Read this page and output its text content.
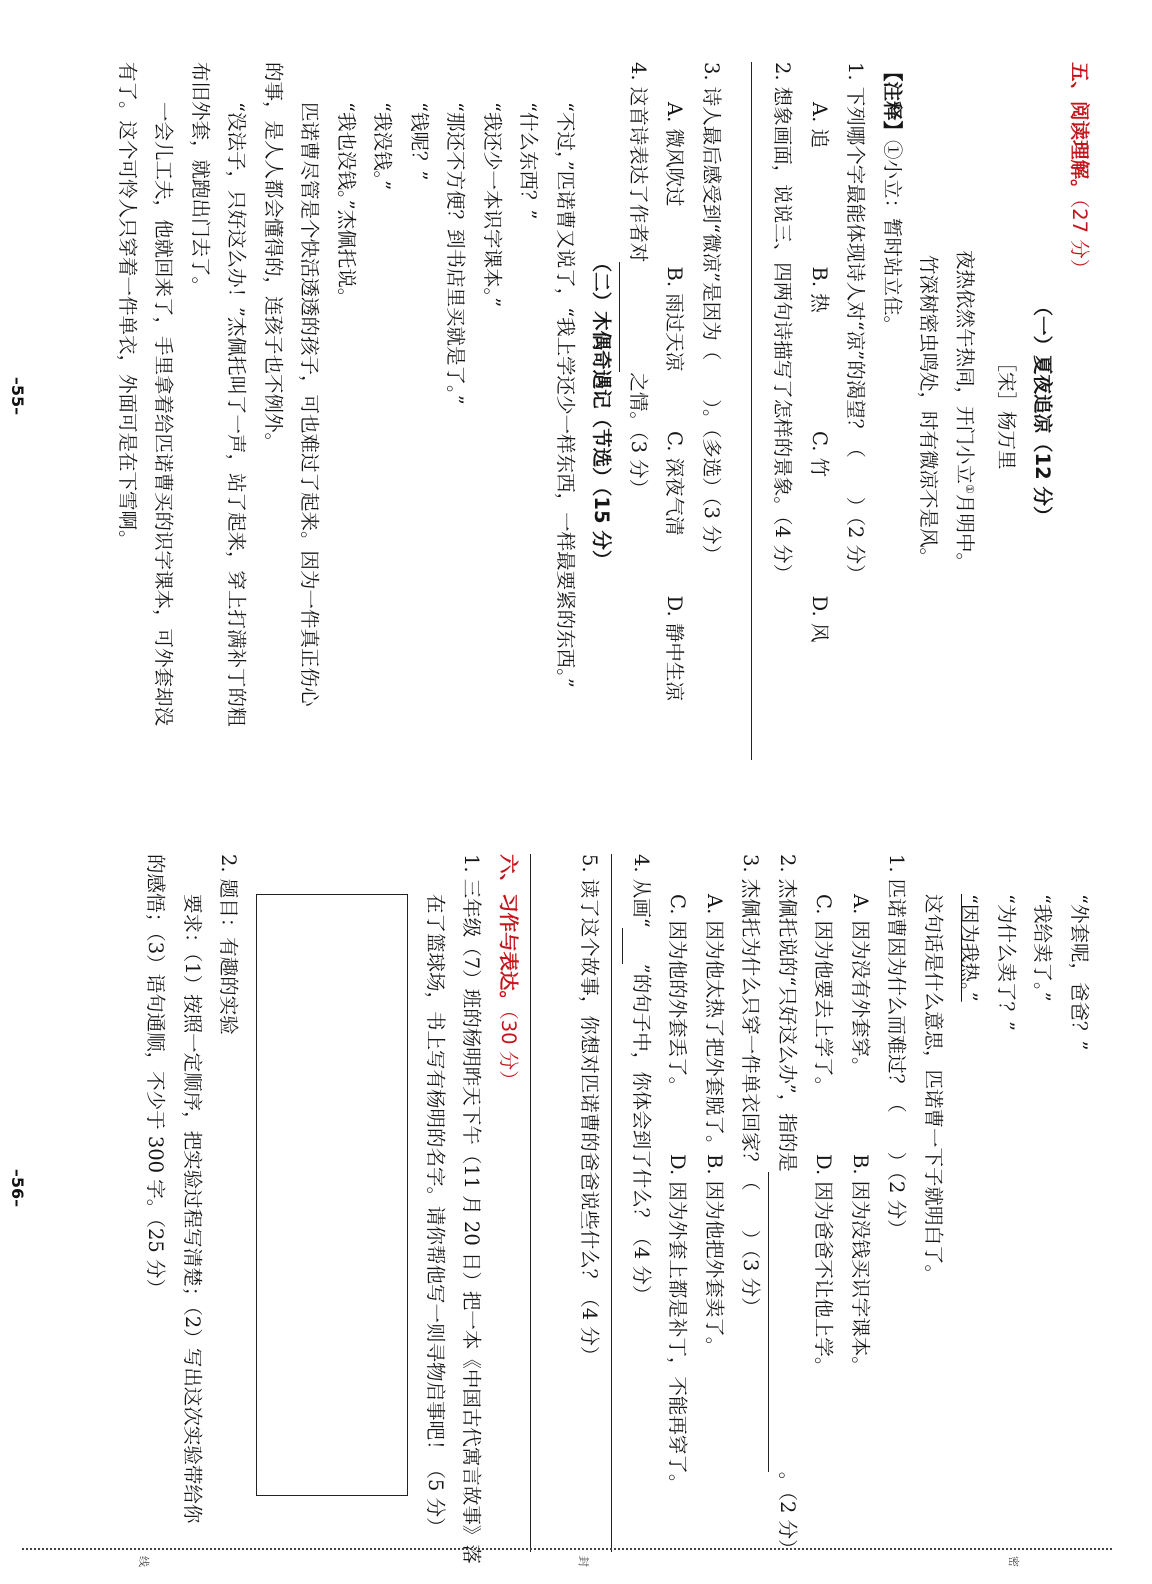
五、阅读理解。（27 分）
（一）夏夜追凉（12 分）
［宋］杨万里
夜热依然午热同，开门小立①月明中。
竹深树密虫鸣处，时有微凉不是风。
【注释】①小立：暂时站立住。
1. 下列哪个字最能体现诗人对“凉”的渴望？（　　）（2 分）
A. 追
B. 热
C. 竹
D. 风
2. 想象画面，说说三、四两句诗描写了怎样的景象。（4 分）
3. 诗人最后感受到“微凉”是因为（　　）。（多选）（3 分）
A. 微风吹过
B. 雨过天凉
C. 深夜气清
D. 静中生凉
4. 这首诗表达了作者对之情。（3 分）
（二）木偶奇遇记（节选）（15 分）
“不过，”匹诺曹又说了，“我上学还少一样东西，一样最要紧的东西。”
“什么东西？”
“我还少一本识字课本。”
“那还不方便？到书店里买就是了。”
“钱呢？”
“我没钱。”
“我也没钱。”杰佩托说。
匹诺曹尽管是个快活透透的孩子，可也难过了起来。因为一件真正伤心
的事，是人人都会懂得的，连孩子也不例外。
“没法子，只好这么办！”杰佩托叫了一声，站了起来，穿上打满补丁的粗
布旧外套，就跑出门去了。
一会儿工夫，他就回来了，手里拿着给匹诺曹买的识字课本，可外套却没
有了。这个可怜人只穿着一件单衣，外面可是在下雪啊。
–55–
“外套呢，爸爸？”
“我给卖了。”
“为什么卖了？”
“因为我热。”
这句话是什么意思，匹诺曹一下子就明白了。
1. 匹诺曹因为什么而难过？（　　）（2 分）
A. 因为没有外套穿。
B. 因为没钱买识字课本。
C. 因为他要去上学了。
D. 因为爸爸不让他上学。
2. 杰佩托说的“只好这么办”，指的是。（2 分）
3. 杰佩托为什么只穿一件单衣回家？（　　）（3 分）
A. 因为他太热了把外套脱了。
B. 因为他把外套卖了。
C. 因为他的外套丢了。
D. 因为外套上都是补丁，不能再穿了。
4. 从画“”的句子中，你体会到了什么？（4 分）
5. 读了这个故事，你想对匹诺曹的爸爸说些什么？（4 分）
六、习作与表达。（30 分）
1. 三年级（7）班的杨明昨天下午（11 月 20 日）把一本《中国古代寓言故事》落
在了篮球场，书上写有杨明的名字。请你帮他写一则寻物启事吧！（5 分）
2. 题目：有趣的实验
要求：（1）按照一定顺序，把实验过程写清楚；（2）写出这次实验带给你
的感悟；（3）语句通顺，不少于 300 字。（25 分）
–56–
密
封
线
